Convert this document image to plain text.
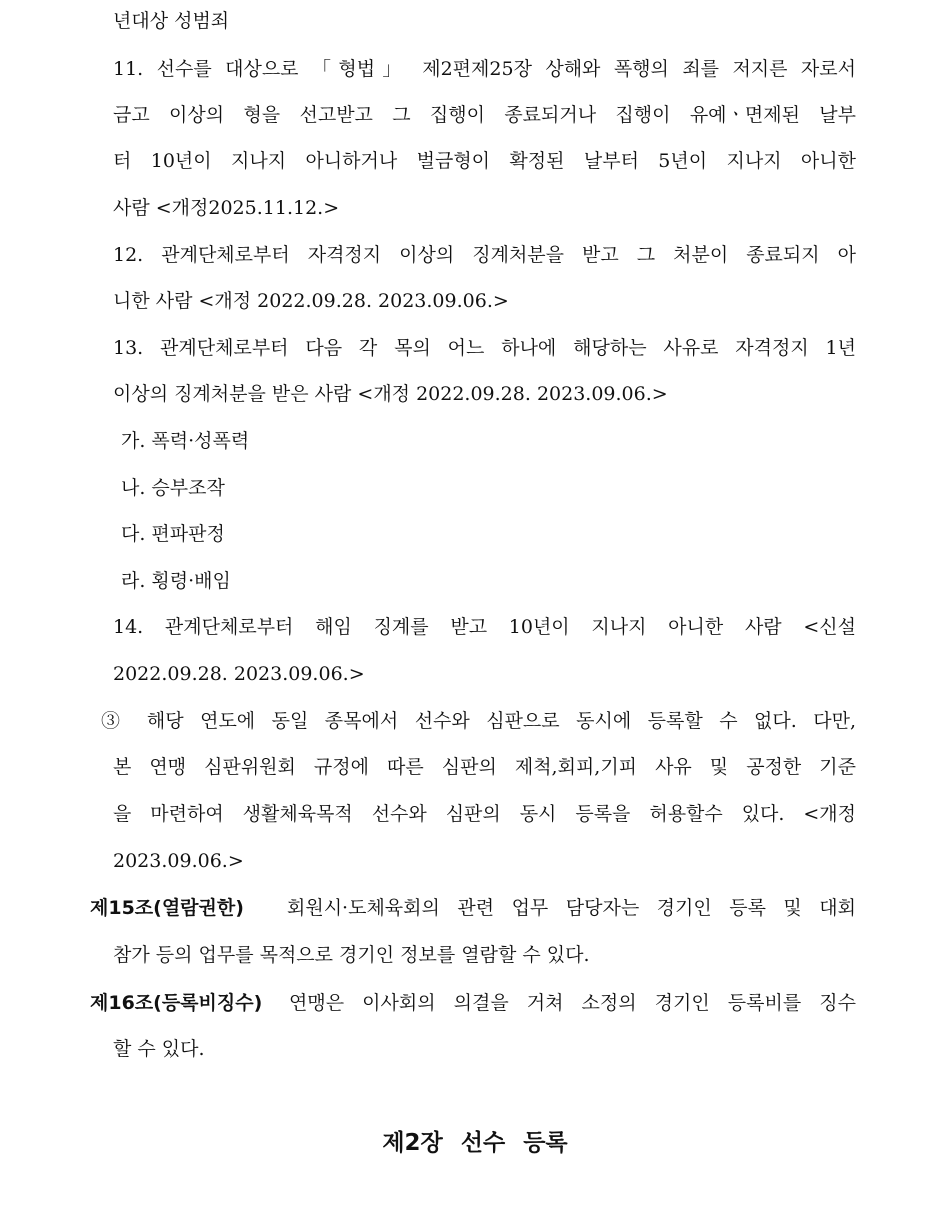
년대상 성범죄
11. 선수를 대상으로 「형법」 제2편제25장 상해와 폭행의 죄를 저지른 자로서
금고 이상의 형을 선고받고 그 집행이 종료되거나 집행이 유예ㆍ면제된 날부
터 10년이 지나지 아니하거나 벌금형이 확정된 날부터 5년이 지나지 아니한
사람 <개정2025.11.12.>
12. 관계단체로부터 자격정지 이상의 징계처분을 받고 그 처분이 종료되지 아
니한 사람 <개정 2022.09.28. 2023.09.06.>
13. 관계단체로부터 다음 각 목의 어느 하나에 해당하는 사유로 자격정지 1년
이상의 징계처분을 받은 사람 <개정 2022.09.28. 2023.09.06.>
가. 폭력·성폭력
나. 승부조작
다. 편파판정
라. 횡령·배임
14. 관계단체로부터 해임 징계를 받고 10년이 지나지 아니한 사람 <신설
2022.09.28. 2023.09.06.>
③ 해당 연도에 동일 종목에서 선수와 심판으로 동시에 등록할 수 없다. 다만,
본 연맹 심판위원회 규정에 따른 심판의 제척,회피,기피 사유 및 공정한 기준
을 마련하여 생활체육목적 선수와 심판의 동시 등록을 허용할수 있다. <개정
2023.09.06.>
제15조(열람권한) 회원시·도체육회의 관련 업무 담당자는 경기인 등록 및 대회
참가 등의 업무를 목적으로 경기인 정보를 열람할 수 있다.
제16조(등록비징수) 연맹은 이사회의 의결을 거쳐 소정의 경기인 등록비를 징수
할 수 있다.
제2장 선수 등록
